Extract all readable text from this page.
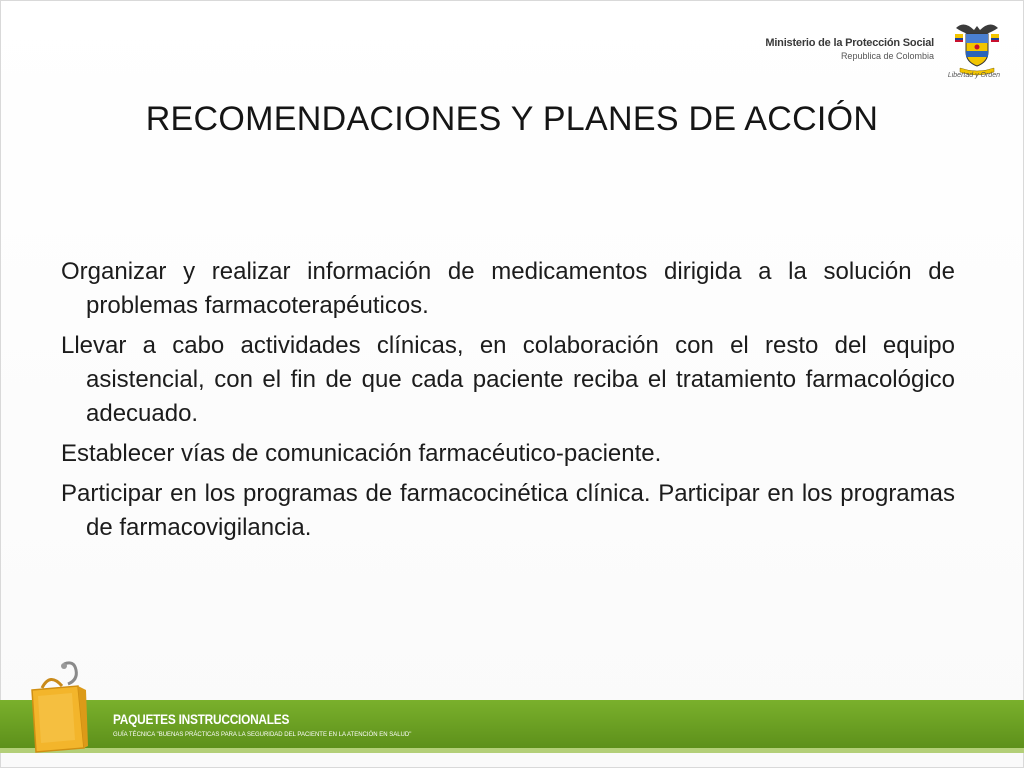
Ministerio de la Protección Social
Republica de Colombia
Libertad y Orden
RECOMENDACIONES Y PLANES DE ACCIÓN

Organizar y realizar información de medicamentos dirigida a la solución de problemas farmacoterapéuticos.

Llevar a cabo actividades clínicas, en colaboración con el resto del equipo asistencial, con el fin de que cada paciente reciba el tratamiento farmacológico adecuado.

Establecer vías de comunicación farmacéutico-paciente.

Participar en los programas de farmacocinética clínica. Participar en los programas de farmacovigilancia.

PAQUETES INSTRUCCIONALES
GUÍA TÉCNICA "BUENAS PRÁCTICAS PARA LA SEGURIDAD DEL PACIENTE EN LA ATENCIÓN EN SALUD"
